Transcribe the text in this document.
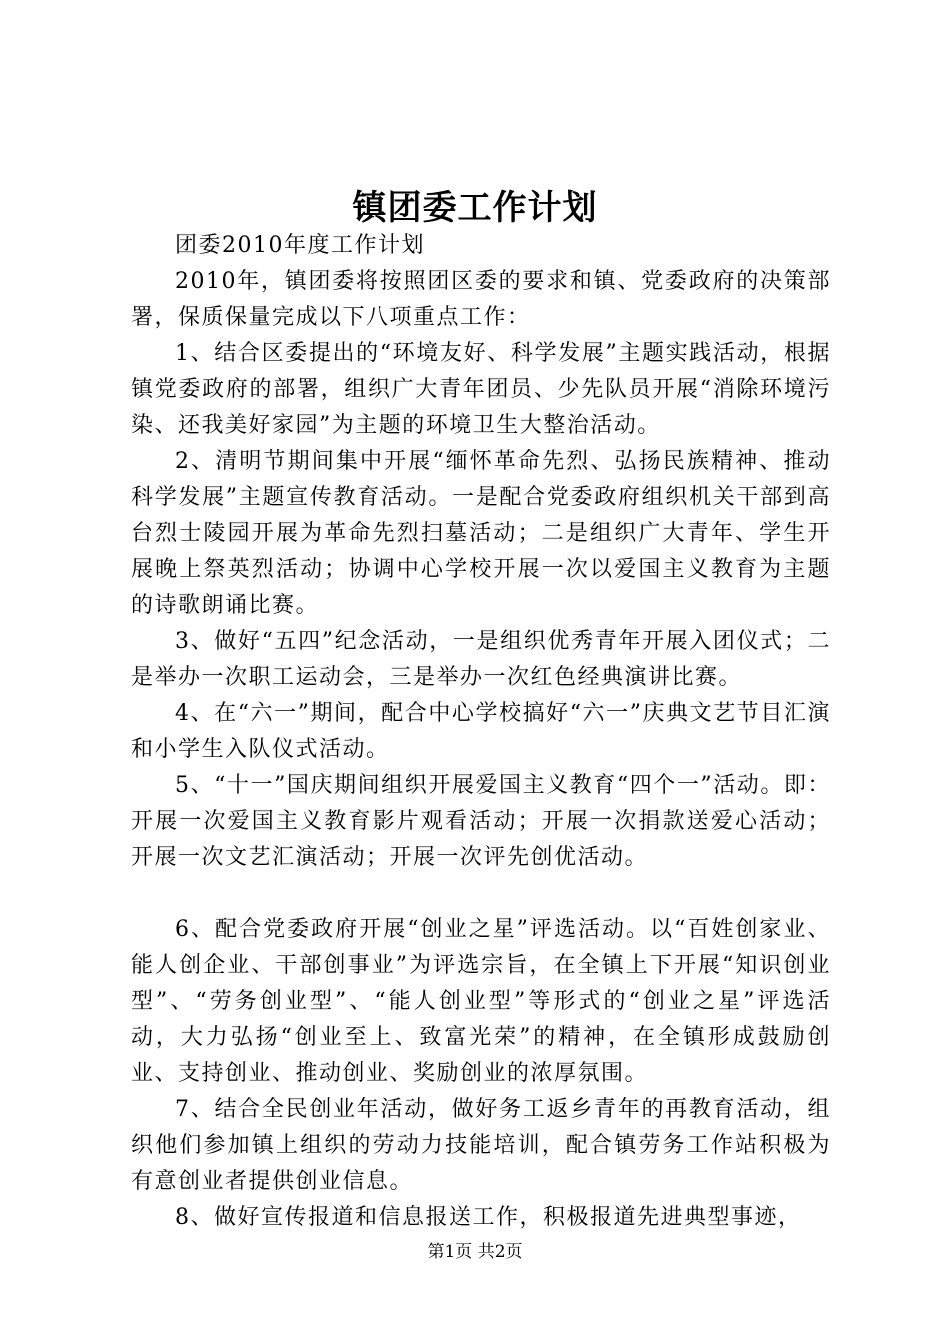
镇团委工作计划

团委2010年度工作计划

2010年，镇团委将按照团区委的要求和镇、党委政府的决策部署，保质保量完成以下八项重点工作：

1、结合区委提出的“环境友好、科学发展”主题实践活动，根据镇党委政府的部署，组织广大青年团员、少先队员开展“消除环境污染、还我美好家园”为主题的环境卫生大整治活动。

2、清明节期间集中开展“缅怀革命先烈、弘扬民族精神、推动科学发展”主题宣传教育活动。一是配合党委政府组织机关干部到高台烈士陵园开展为革命先烈扫墓活动；二是组织广大青年、学生开展晚上祭英烈活动；协调中心学校开展一次以爱国主义教育为主题的诗歌朗诵比赛。

3、做好“五四”纪念活动，一是组织优秀青年开展入团仪式；二是举办一次职工运动会，三是举办一次红色经典演讲比赛。

4、在“六一”期间，配合中心学校搞好“六一”庆典文艺节目汇演和小学生入队仪式活动。

5、“十一”国庆期间组织开展爱国主义教育“四个一”活动。即：开展一次爱国主义教育影片观看活动；开展一次捐款送爱心活动；开展一次文艺汇演活动；开展一次评先创优活动。

6、配合党委政府开展“创业之星”评选活动。以“百姓创家业、能人创企业、干部创事业”为评选宗旨，在全镇上下开展“知识创业型”、“劳务创业型”、“能人创业型”等形式的“创业之星”评选活动，大力弘扬“创业至上、致富光荣”的精神，在全镇形成鼓励创业、支持创业、推动创业、奖励创业的浓厚氛围。

7、结合全民创业年活动，做好务工返乡青年的再教育活动，组织他们参加镇上组织的劳动力技能培训，配合镇劳务工作站积极为有意创业者提供创业信息。

8、做好宣传报道和信息报送工作，积极报道先进典型事迹，

第1页 共2页
